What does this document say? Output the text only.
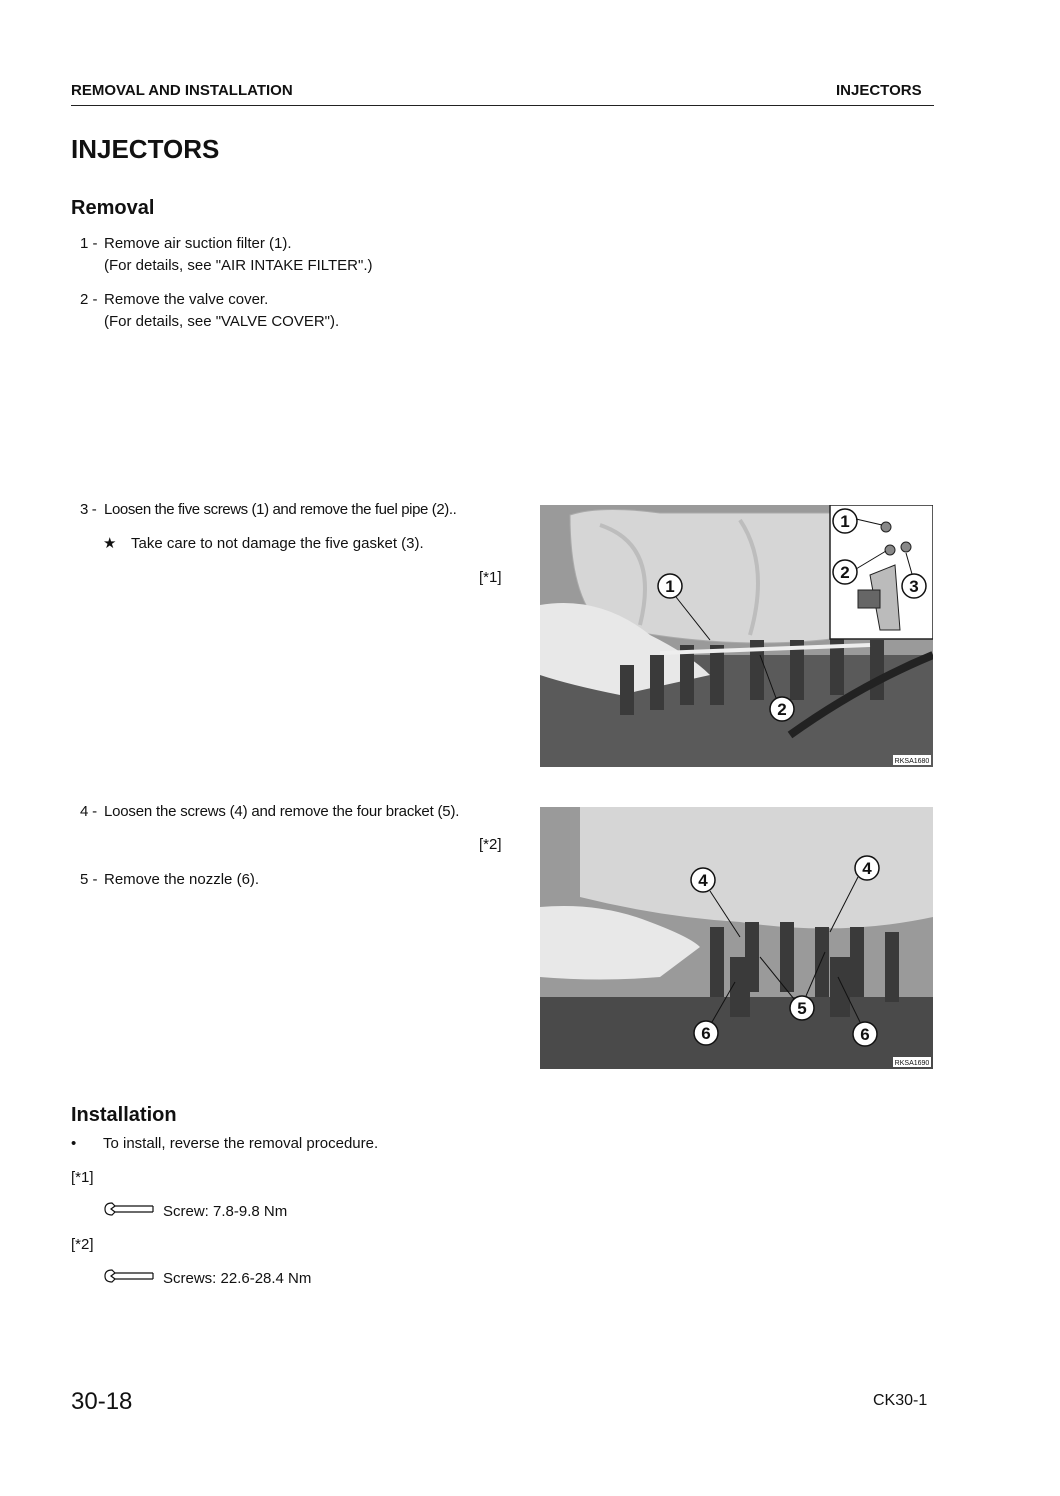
REMOVAL AND INSTALLATION	INJECTORS
INJECTORS
Removal
1 - Remove air suction filter (1).
(For details, see "AIR INTAKE FILTER".)
2 - Remove the valve cover.
(For details, see "VALVE COVER").
3 - Loosen the five screws (1) and remove the fuel pipe (2)..
★ Take care to not damage the five gasket (3).
[*1]
4 - Loosen the screws (4) and remove the four bracket (5).
[*2]
5 - Remove the nozzle (6).
1
2
1
2
3
RKSA1680
4
4
5
6	6
RKSA1690
Installation
• To install, reverse the removal procedure.
[*1]
Screw: 7.8-9.8 Nm
[*2]
Screws: 22.6-28.4 Nm
30-18	CK30-1
